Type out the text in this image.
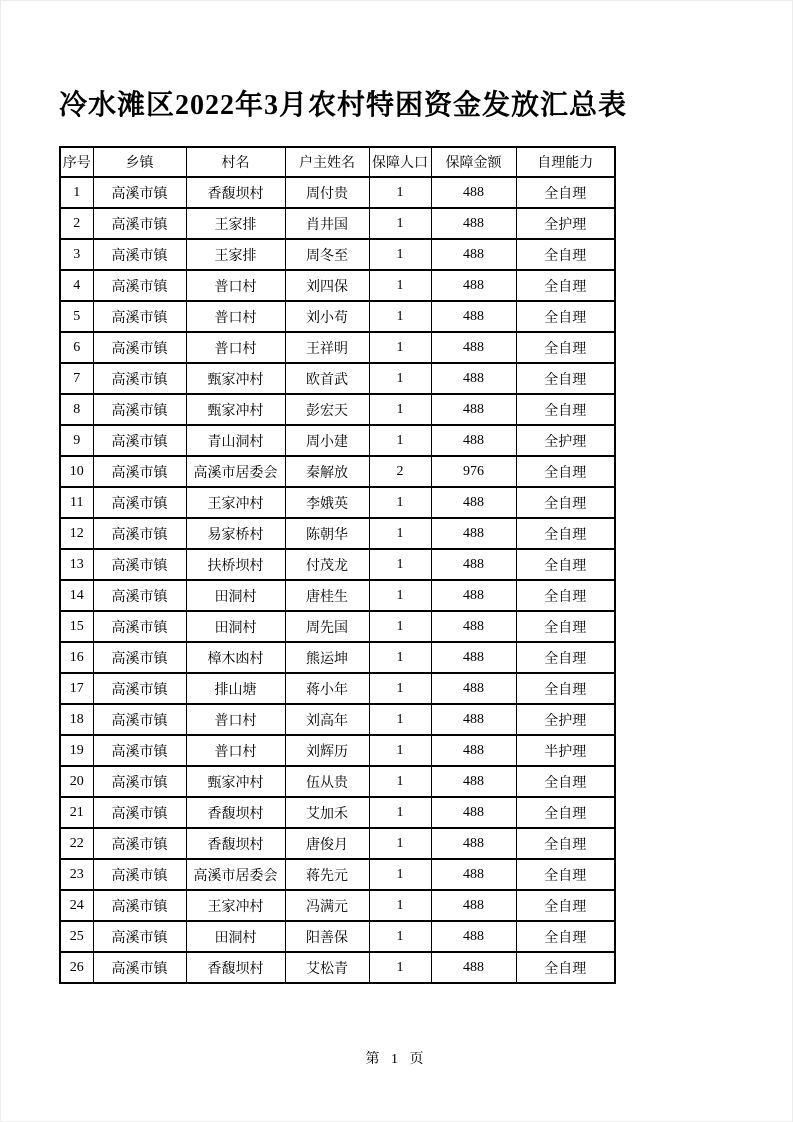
冷水滩区2022年3月农村特困资金发放汇总表
序号	乡镇	村名	户主姓名	保障人口	保障金额	自理能力
1	高溪市镇	香馥坝村	周付贵	1	488	全自理
2	高溪市镇	王家排	肖井国	1	488	全护理
3	高溪市镇	王家排	周冬至	1	488	全自理
4	高溪市镇	普口村	刘四保	1	488	全自理
5	高溪市镇	普口村	刘小苟	1	488	全自理
6	高溪市镇	普口村	王祥明	1	488	全自理
7	高溪市镇	甄家冲村	欧首武	1	488	全自理
8	高溪市镇	甄家冲村	彭宏天	1	488	全自理
9	高溪市镇	青山洞村	周小建	1	488	全护理
10	高溪市镇	高溪市居委会	秦解放	2	976	全自理
11	高溪市镇	王家冲村	李娥英	1	488	全自理
12	高溪市镇	易家桥村	陈朝华	1	488	全自理
13	高溪市镇	扶桥坝村	付茂龙	1	488	全自理
14	高溪市镇	田洞村	唐桂生	1	488	全自理
15	高溪市镇	田洞村	周先国	1	488	全自理
16	高溪市镇	樟木凼村	熊运坤	1	488	全自理
17	高溪市镇	排山塘	蒋小年	1	488	全自理
18	高溪市镇	普口村	刘高年	1	488	全护理
19	高溪市镇	普口村	刘辉历	1	488	半护理
20	高溪市镇	甄家冲村	伍从贵	1	488	全自理
21	高溪市镇	香馥坝村	艾加禾	1	488	全自理
22	高溪市镇	香馥坝村	唐俊月	1	488	全自理
23	高溪市镇	高溪市居委会	蒋先元	1	488	全自理
24	高溪市镇	王家冲村	冯满元	1	488	全自理
25	高溪市镇	田洞村	阳善保	1	488	全自理
26	高溪市镇	香馥坝村	艾松青	1	488	全自理
第 1 页
